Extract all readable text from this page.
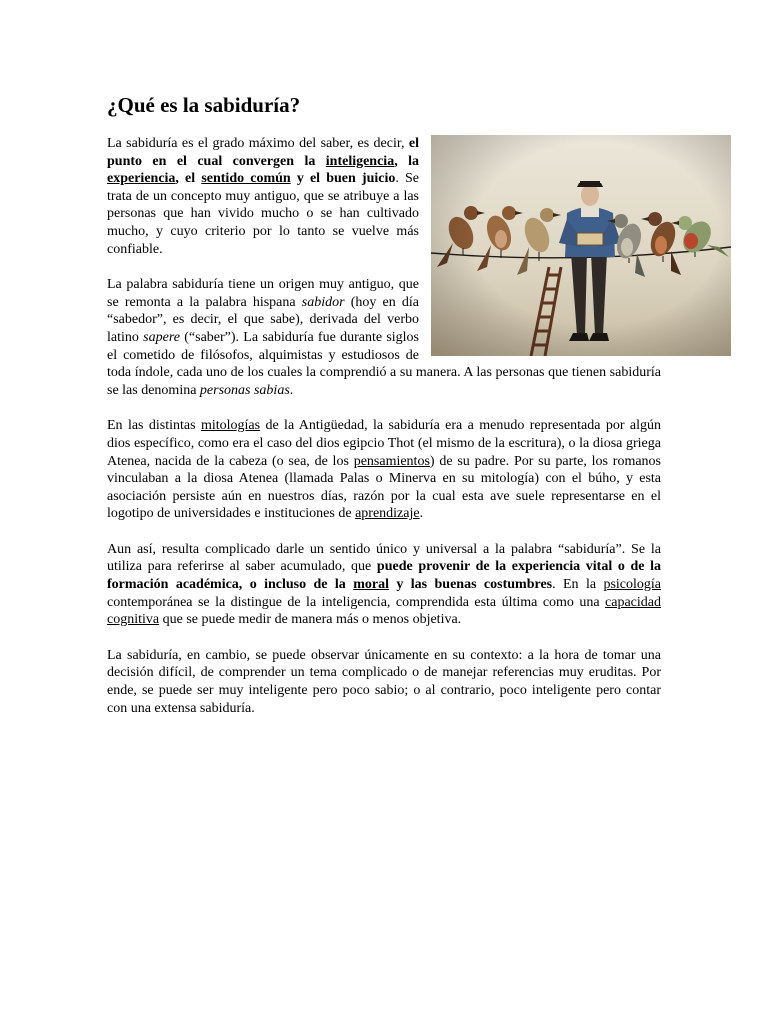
¿Qué es la sabiduría?

La sabiduría es el grado máximo del saber, es decir, el punto en el cual convergen la inteligencia, la experiencia, el sentido común y el buen juicio. Se trata de un concepto muy antiguo, que se atribuye a las personas que han vivido mucho o se han cultivado mucho, y cuyo criterio por lo tanto se vuelve más confiable.

La palabra sabiduría tiene un origen muy antiguo, que se remonta a la palabra hispana sabidor (hoy en día “sabedor”, es decir, el que sabe), derivada del verbo latino sapere (“saber”). La sabiduría fue durante siglos el cometido de filósofos, alquimistas y estudiosos de toda índole, cada uno de los cuales la comprendió a su manera. A las personas que tienen sabiduría se las denomina personas sabias.

En las distintas mitologías de la Antigüedad, la sabiduría era a menudo representada por algún dios específico, como era el caso del dios egipcio Thot (el mismo de la escritura), o la diosa griega Atenea, nacida de la cabeza (o sea, de los pensamientos) de su padre. Por su parte, los romanos vinculaban a la diosa Atenea (llamada Palas o Minerva en su mitología) con el búho, y esta asociación persiste aún en nuestros días, razón por la cual esta ave suele representarse en el logotipo de universidades e instituciones de aprendizaje.

Aun así, resulta complicado darle un sentido único y universal a la palabra “sabiduría”. Se la utiliza para referirse al saber acumulado, que puede provenir de la experiencia vital o de la formación académica, o incluso de la moral y las buenas costumbres. En la psicología contemporánea se la distingue de la inteligencia, comprendida esta última como una capacidad cognitiva que se puede medir de manera más o menos objetiva.

La sabiduría, en cambio, se puede observar únicamente en su contexto: a la hora de tomar una decisión difícil, de comprender un tema complicado o de manejar referencias muy eruditas. Por ende, se puede ser muy inteligente pero poco sabio; o al contrario, poco inteligente pero contar con una extensa sabiduría.
